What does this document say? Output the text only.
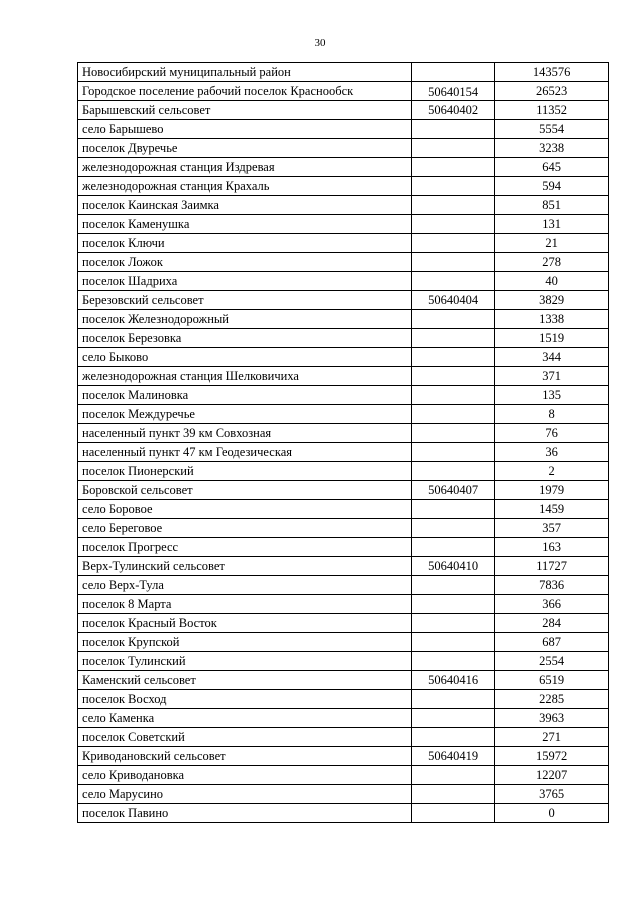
30
Новосибирский муниципальный район		143576
Городское поселение рабочий поселок Краснообск	50640154	26523
Барышевский сельсовет	50640402	11352
село Барышево		5554
поселок Двуречье		3238
железнодорожная станция Издревая		645
железнодорожная станция Крахаль		594
поселок Каинская Заимка		851
поселок Каменушка		131
поселок Ключи		21
поселок Ложок		278
поселок Шадриха		40
Березовский сельсовет	50640404	3829
поселок Железнодорожный		1338
поселок Березовка		1519
село Быково		344
железнодорожная станция Шелковичиха		371
поселок Малиновка		135
поселок Междуречье		8
населенный пункт 39 км Совхозная		76
населенный пункт 47 км Геодезическая		36
поселок Пионерский		2
Боровской сельсовет	50640407	1979
село Боровое		1459
село Береговое		357
поселок Прогресс		163
Верх-Тулинский сельсовет	50640410	11727
село Верх-Тула		7836
поселок 8 Марта		366
поселок Красный Восток		284
поселок Крупской		687
поселок Тулинский		2554
Каменский сельсовет	50640416	6519
поселок Восход		2285
село Каменка		3963
поселок Советский		271
Криводановский сельсовет	50640419	15972
село Криводановка		12207
село Марусино		3765
поселок Павино		0
